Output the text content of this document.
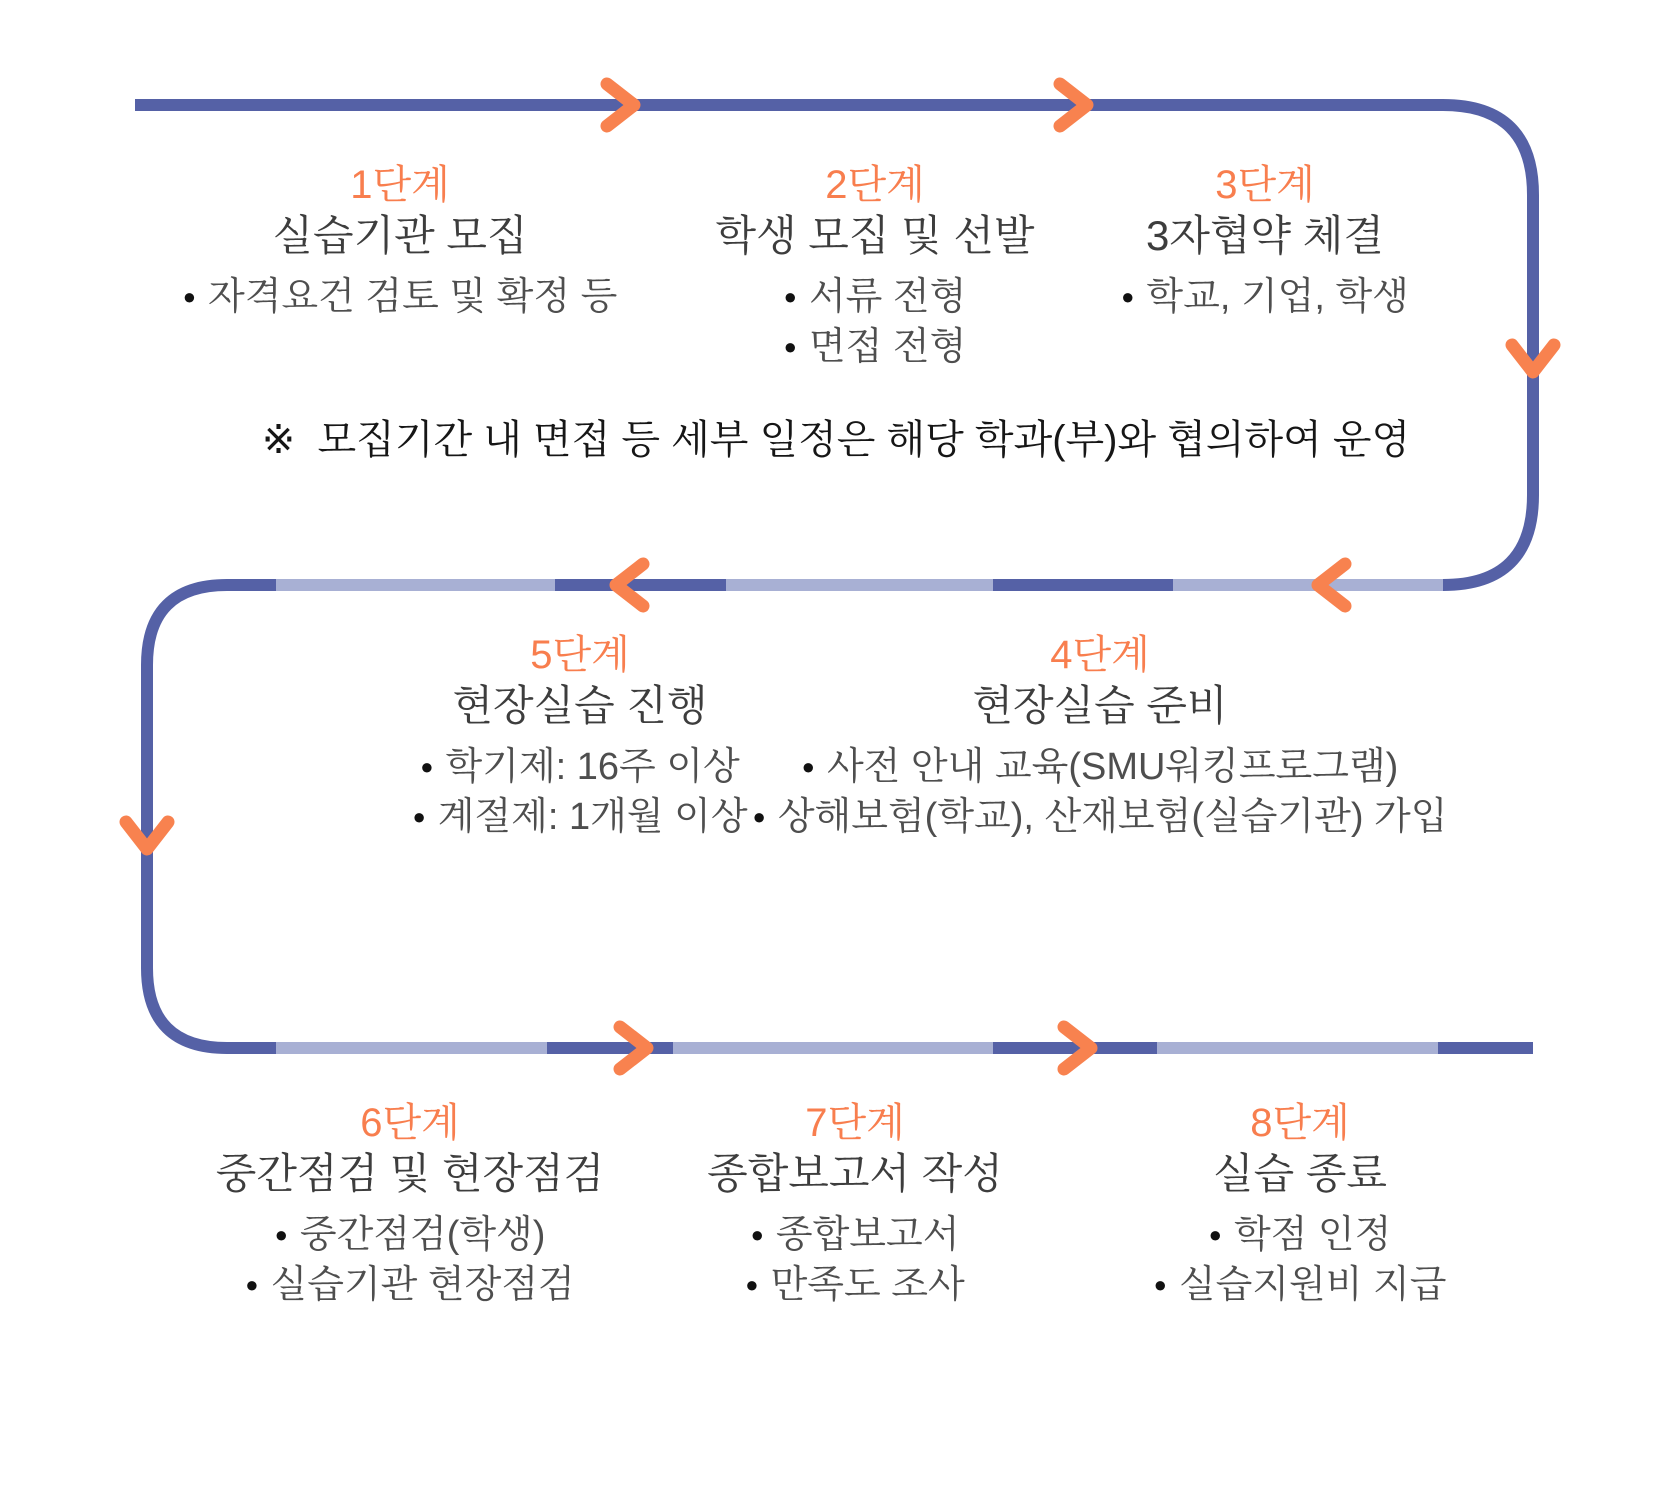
1단계
실습기관 모집
● 자격요건 검토 및 확정 등
2단계
학생 모집 및 선발
● 서류 전형
● 면접 전형
3단계
3자협약 체결
● 학교, 기업, 학생
※  모집기간 내 면접 등 세부 일정은 해당 학과(부)와 협의하여 운영
5단계
현장실습 진행
● 학기제: 16주 이상
● 계절제: 1개월 이상
4단계
현장실습 준비
● 사전 안내 교육(SMU워킹프로그램)
● 상해보험(학교), 산재보험(실습기관) 가입
6단계
중간점검 및 현장점검
● 중간점검(학생)
● 실습기관 현장점검
7단계
종합보고서 작성
● 종합보고서
● 만족도 조사
8단계
실습 종료
● 학점 인정
● 실습지원비 지급
